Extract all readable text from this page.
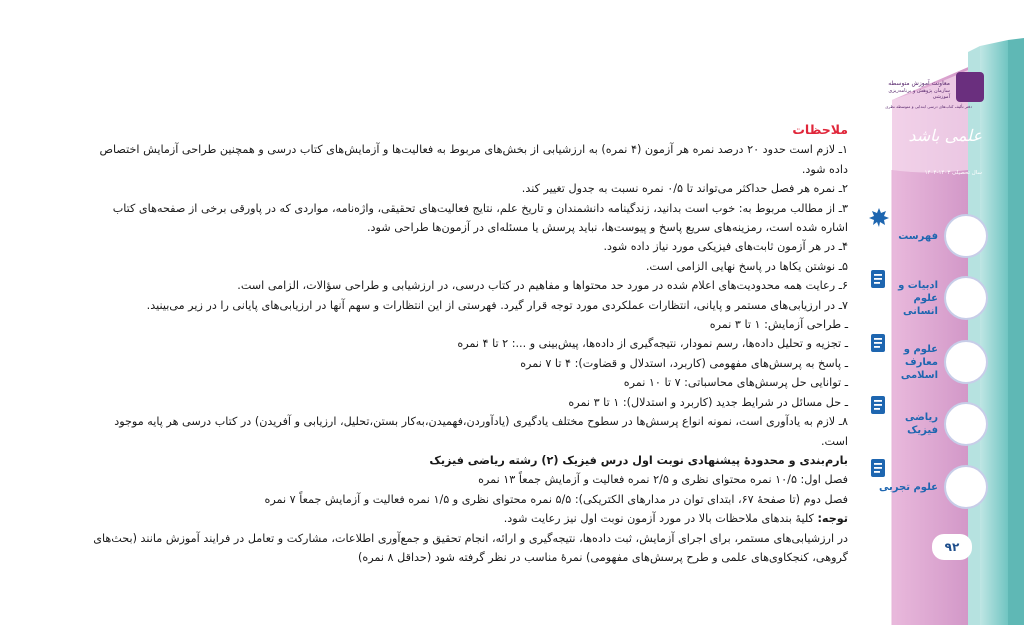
ملاحظات

۱ـ لازم است حدود ۲۰ درصد نمره هر آزمون (۴ نمره) به ارزشیابی از بخش‌های مربوط به فعالیت‌ها و آزمایش‌های کتاب درسی و همچنین طراحی آزمایش اختصاص داده شود.

۲ـ نمره هر فصل حداکثر می‌تواند تا ۰/۵ نمره نسبت به جدول تغییر کند.

۳ـ از مطالب مربوط به: خوب است بدانید، زندگینامه دانشمندان و تاریخ علم، نتایج فعالیت‌های تحقیقی، واژه‌نامه، مواردی که در پاورقی برخی از صفحه‌های کتاب اشاره شده است، رمزینه‌های سریع پاسخ و پیوست‌ها، نباید پرسش یا مسئله‌ای در آزمون‌ها طراحی شود.

۴ـ در هر آزمون ثابت‌های فیزیکی مورد نیاز داده شود.

۵ـ نوشتن یکاها در پاسخ نهایی الزامی است.

۶ـ رعایت همه محدودیت‌های اعلام شده در مورد حد محتواها و مفاهیم در کتاب درسی، در ارزشیابی و طراحی سؤالات، الزامی است.

۷ـ در ارزیابی‌های مستمر و پایانی، انتظارات عملکردی مورد توجه قرار گیرد. فهرستی از این انتظارات و سهم آنها در ارزیابی‌های پایانی را در زیر می‌بینید.

ـ طراحی آزمایش: ۱ تا ۳ نمره

ـ تجزیه و تحلیل داده‌ها، رسم نمودار، نتیجه‌گیری از داده‌ها، پیش‌بینی و ...: ۲ تا ۴ نمره

ـ پاسخ به پرسش‌های مفهومی (کاربرد، استدلال و قضاوت): ۴ تا ۷ نمره

ـ توانایی حل پرسش‌های محاسباتی: ۷ تا ۱۰ نمره

ـ حل مسائل در شرایط جدید (کاربرد و استدلال): ۱ تا ۳ نمره

۸ـ لازم به یادآوری است، نمونه انواع پرسش‌ها در سطوح مختلف یادگیری (یادآوردن،فهمیدن،به‌کار بستن،تحلیل، ارزیابی و آفریدن) در کتاب درسی هر پایه موجود است.

بارم‌بندی و محدودۀ پیشنهادی نوبت اول درس فیزیک (۲) رشته ریاضی فیزیک

فصل اول: ۱۰/۵ نمره محتوای نظری و ۲/۵ نمره فعالیت و آزمایش جمعاً ۱۳ نمره

فصل دوم (تا صفحۀ ۶۷، ابتدای توان در مدارهای الکتریکی): ۵/۵ نمره محتوای نظری و ۱/۵ نمره فعالیت و آزمایش جمعاً ۷ نمره

توجه: کلیۀ بندهای ملاحظات بالا در مورد آزمون نوبت اول نیز رعایت شود.

در ارزشیابی‌های مستمر، برای اجرای آزمایش، ثبت داده‌ها، نتیجه‌گیری و ارائه، انجام تحقیق و جمع‌آوری اطلاعات، مشارکت و تعامل در فرایند آموزش مانند (بحث‌های گروهی، کنجکاوی‌های علمی و طرح پرسش‌های مفهومی) نمرۀ مناسب در نظر گرفته شود (حداقل ۸ نمره)

معاونت آموزش متوسطه
سازمان پژوهش و برنامه‌ریزی آموزشی
دفتر تألیف کتاب‌های درسی ابتدایی و متوسطه نظری
علمی باشد
سال تحصیلی ۱۴۰۳-۱۴۰۴
فهرست
ادبیات و علوم انسانی
علوم و معارف اسلامی
ریاضی فیزیک
علوم تجربی
۹۲
